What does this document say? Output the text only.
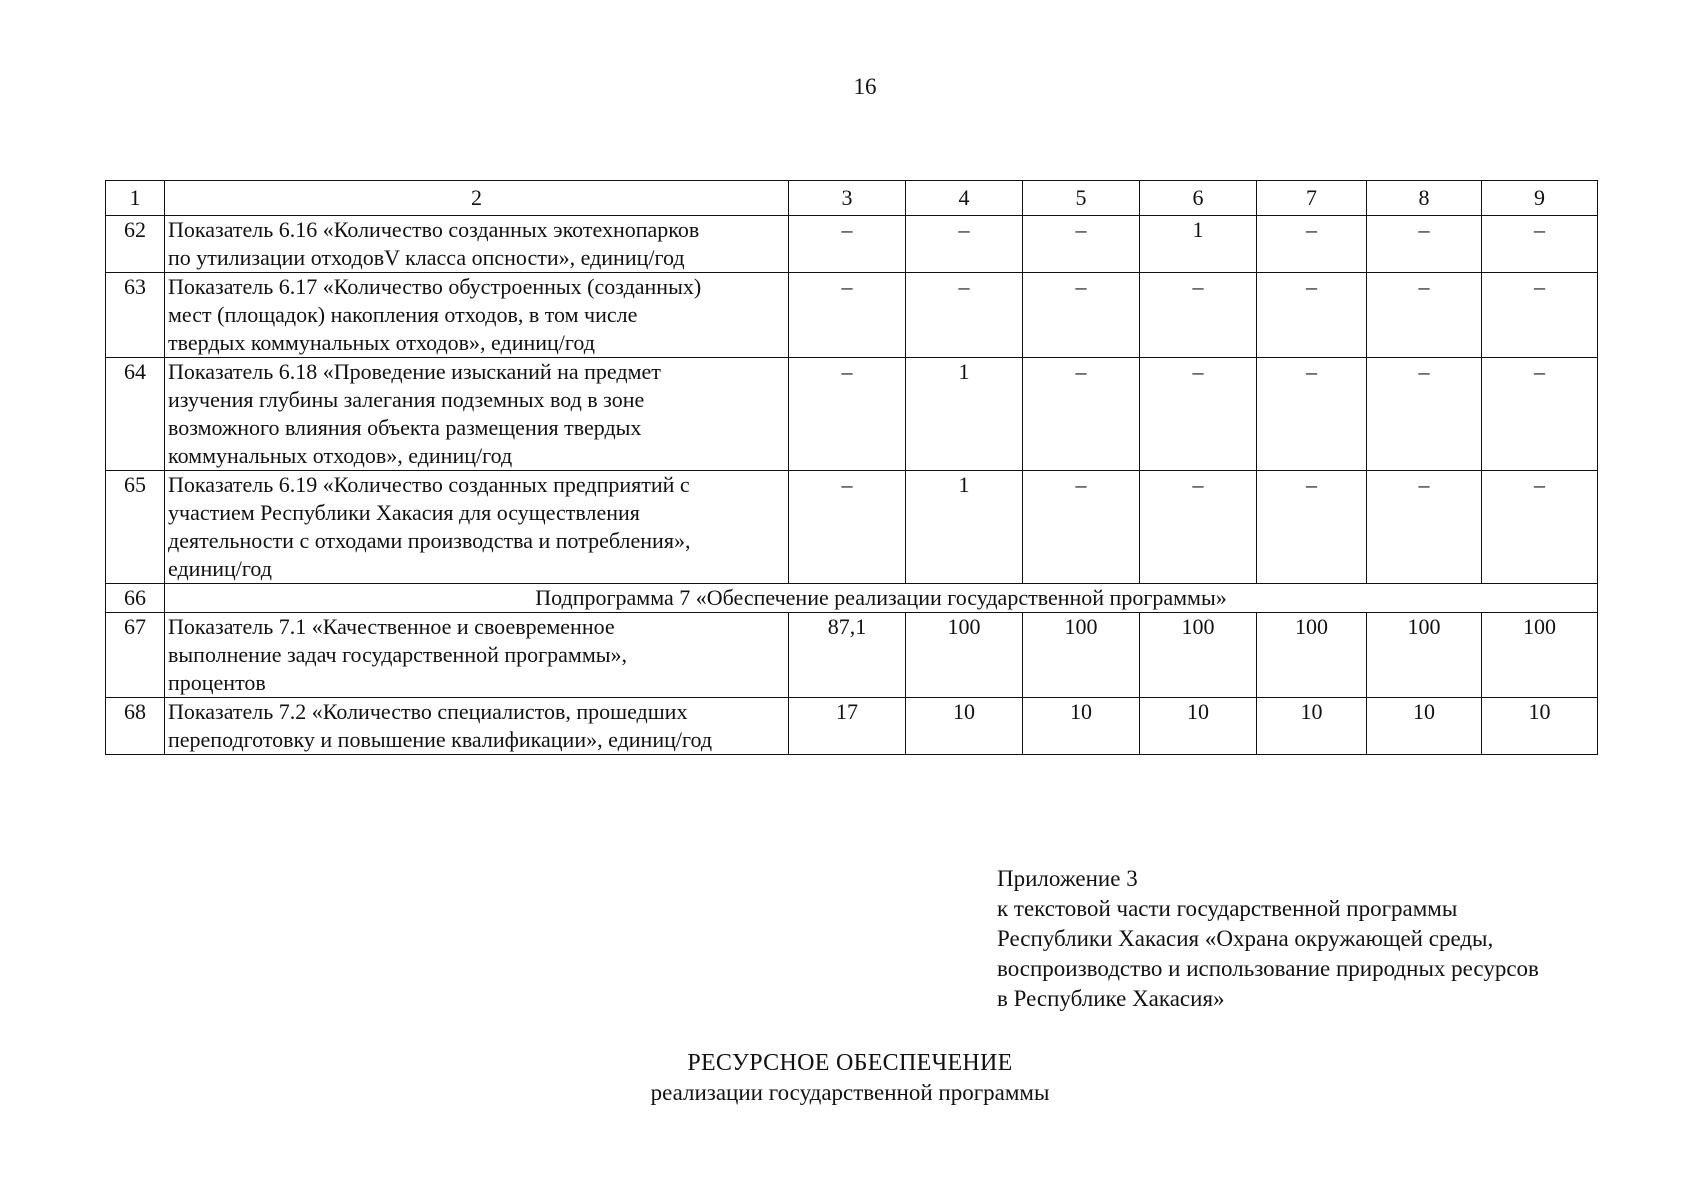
16
1	2	3	4	5	6	7	8	9
62	Показатель 6.16 «Количество созданных экотехнопарков
по утилизации отходовV класса опсности», единиц/год	–	–	–	1	–	–	–
63	Показатель 6.17 «Количество обустроенных (созданных)
мест (площадок) накопления отходов, в том числе
твердых коммунальных отходов», единиц/год	–	–	–	–	–	–	–
64	Показатель 6.18 «Проведение изысканий на предмет
изучения глубины залегания подземных вод в зоне
возможного влияния объекта размещения твердых
коммунальных отходов», единиц/год	–	1	–	–	–	–	–
65	Показатель 6.19 «Количество созданных предприятий с
участием Республики Хакасия для осуществления
деятельности с отходами производства и потребления»,
единиц/год	–	1	–	–	–	–	–
66	Подпрограмма 7 «Обеспечение реализации государственной программы»							
67	Показатель 7.1 «Качественное и своевременное
выполнение задач государственной программы»,
процентов	87,1	100	100	100	100	100	100
68	Показатель 7.2 «Количество специалистов, прошедших
переподготовку и повышение квалификации», единиц/год	17	10	10	10	10	10	10
Приложение 3
к текстовой части государственной программы
Республики Хакасия «Охрана окружающей среды,
воспроизводство и использование природных ресурсов
в Республике Хакасия»
РЕСУРСНОЕ ОБЕСПЕЧЕНИЕ
реализации государственной программы
